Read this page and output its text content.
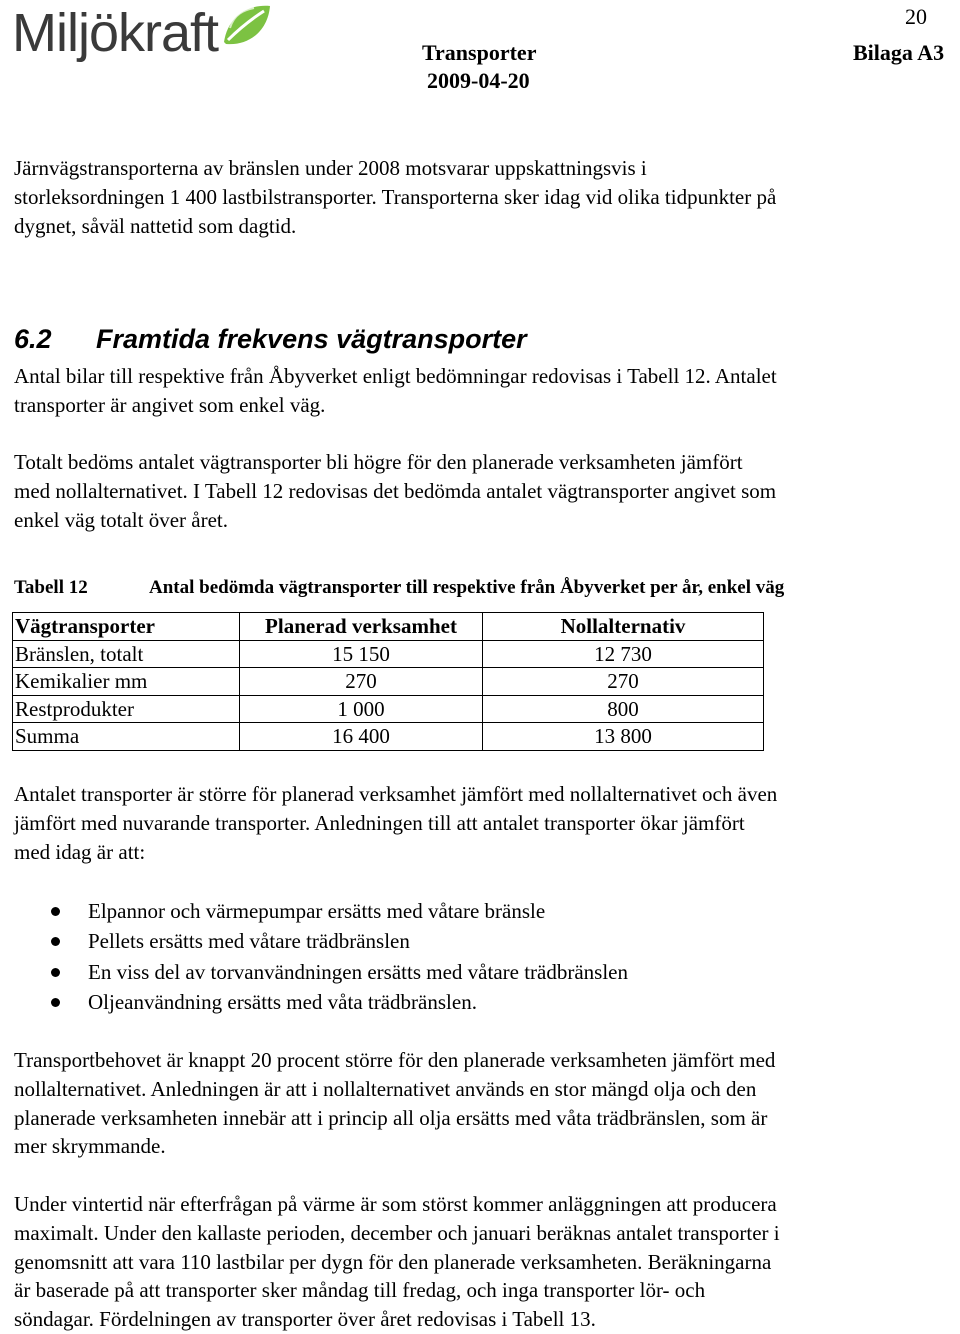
Miljökraft	20
Transporter	Bilaga A3
2009-04-20
Järnvägstransporterna av bränslen under 2008 motsvarar uppskattningsvis i
storleksordningen 1 400 lastbilstransporter. Transporterna sker idag vid olika tidpunkter på
dygnet, såväl nattetid som dagtid.
6.2 Framtida frekvens vägtransporter
Antal bilar till respektive från Åbyverket enligt bedömningar redovisas i Tabell 12. Antalet
transporter är angivet som enkel väg.
Totalt bedöms antalet vägtransporter bli högre för den planerade verksamheten jämfört
med nollalternativet. I Tabell 12 redovisas det bedömda antalet vägtransporter angivet som
enkel väg totalt över året.
Tabell 12	Antal bedömda vägtransporter till respektive från Åbyverket per år, enkel väg
Vägtransporter	Planerad verksamhet	Nollalternativ
Bränslen, totalt	15 150	12 730
Kemikalier mm	270	270
Restprodukter	1 000	800
Summa	16 400	13 800
Antalet transporter är större för planerad verksamhet jämfört med nollalternativet och även
jämfört med nuvarande transporter. Anledningen till att antalet transporter ökar jämfört
med idag är att:
Elpannor och värmepumpar ersätts med våtare bränsle
Pellets ersätts med våtare trädbränslen
En viss del av torvanvändningen ersätts med våtare trädbränslen
Oljeanvändning ersätts med våta trädbränslen.
Transportbehovet är knappt 20 procent större för den planerade verksamheten jämfört med
nollalternativet. Anledningen är att i nollalternativet används en stor mängd olja och den
planerade verksamheten innebär att i princip all olja ersätts med våta trädbränslen, som är
mer skrymmande.
Under vintertid när efterfrågan på värme är som störst kommer anläggningen att producera
maximalt. Under den kallaste perioden, december och januari beräknas antalet transporter i
genomsnitt att vara 110 lastbilar per dygn för den planerade verksamheten. Beräkningarna
är baserade på att transporter sker måndag till fredag, och inga transporter lör- och
söndagar. Fördelningen av transporter över året redovisas i Tabell 13.
